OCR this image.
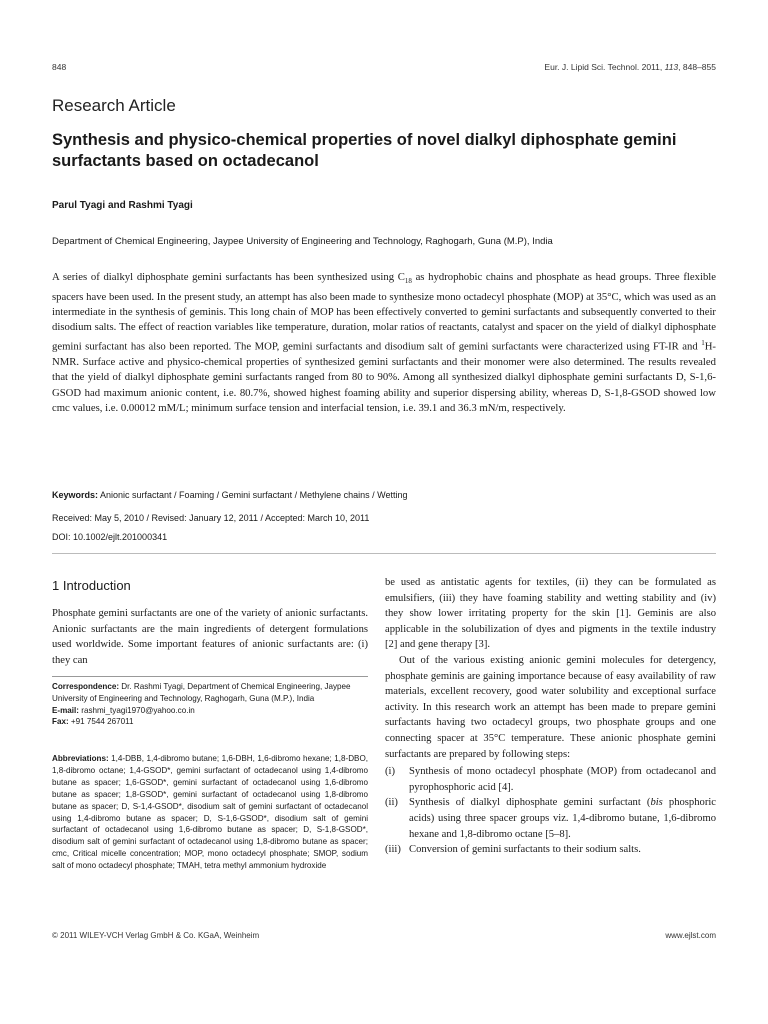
848	Eur. J. Lipid Sci. Technol. 2011, 113, 848–855
Research Article
Synthesis and physico-chemical properties of novel dialkyl diphosphate gemini surfactants based on octadecanol
Parul Tyagi and Rashmi Tyagi
Department of Chemical Engineering, Jaypee University of Engineering and Technology, Raghogarh, Guna (M.P), India
A series of dialkyl diphosphate gemini surfactants has been synthesized using $C_{18}$ as hydrophobic chains and phosphate as head groups. Three flexible spacers have been used. In the present study, an attempt has also been made to synthesize mono octadecyl phosphate (MOP) at 35°C, which was used as an intermediate in the synthesis of geminis. This long chain of MOP has been effectively converted to gemini surfactants and subsequently converted to their disodium salts. The effect of reaction variables like temperature, duration, molar ratios of reactants, catalyst and spacer on the yield of dialkyl diphosphate gemini surfactant has also been reported. The MOP, gemini surfactants and disodium salt of gemini surfactants were characterized using FT-IR and $^1$H-NMR. Surface active and physico-chemical properties of synthesized gemini surfactants and their monomer were also determined. The results revealed that the yield of dialkyl diphosphate gemini surfactants ranged from 80 to 90%. Among all synthesized dialkyl diphosphate gemini surfactants D, S-1,6-GSOD had maximum anionic content, i.e. 80.7%, showed highest foaming ability and superior dispersing ability, whereas D, S-1,8-GSOD showed low cmc values, i.e. 0.00012 mM/L; minimum surface tension and interfacial tension, i.e. 39.1 and 36.3 mN/m, respectively.
Keywords: Anionic surfactant / Foaming / Gemini surfactant / Methylene chains / Wetting
Received: May 5, 2010 / Revised: January 12, 2011 / Accepted: March 10, 2011
DOI: 10.1002/ejlt.201000341
1 Introduction
Phosphate gemini surfactants are one of the variety of anionic surfactants. Anionic surfactants are the main ingredients of detergent formulations used worldwide. Some important features of anionic surfactants are: (i) they can
Correspondence: Dr. Rashmi Tyagi, Department of Chemical Engineering, Jaypee University of Engineering and Technology, Raghogarh, Guna (M.P.), India
E-mail: rashmi_tyagi1970@yahoo.co.in
Fax: +91 7544 267011
Abbreviations: 1,4-DBB, 1,4-dibromo butane; 1,6-DBH, 1,6-dibromo hexane; 1,8-DBO, 1,8-dibromo octane; 1,4-GSOD*, gemini surfactant of octadecanol using 1,4-dibromo butane as spacer; 1,6-GSOD*, gemini surfactant of octadecanol using 1,6-dibromo butane as spacer; 1,8-GSOD*, gemini surfactant of octadecanol using 1,8-dibromo butane as spacer; D, S-1,4-GSOD*, disodium salt of gemini surfactant of octadecanol using 1,4-dibromo butane as spacer; D, S-1,6-GSOD*, disodium salt of gemini surfactant of octadecanol using 1,6-dibromo butane as spacer; D, S-1,8-GSOD*, disodium salt of gemini surfactant of octadecanol using 1,8-dibromo butane as spacer; cmc, Critical micelle concentration; MOP, mono octadecyl phosphate; SMOP, sodium salt of mono octadecyl phosphate; TMAH, tetra methyl ammonium hydroxide

be used as antistatic agents for textiles, (ii) they can be formulated as emulsifiers, (iii) they have foaming stability and wetting stability and (iv) they show lower irritating property for the skin [1]. Geminis are also applicable in the solubilization of dyes and pigments in the textile industry [2] and gene therapy [3].

Out of the various existing anionic gemini molecules for detergency, phosphate geminis are gaining importance because of easy availability of raw materials, excellent recovery, good water solubility and exceptional surface activity. In this research work an attempt has been made to prepare gemini surfactants having two octadecyl groups, two phosphate groups and one connecting spacer at 35°C temperature. These anionic phosphate gemini surfactants are prepared by following steps:

(i) Synthesis of mono octadecyl phosphate (MOP) from octadecanol and pyrophosphoric acid [4].
(ii) Synthesis of dialkyl diphosphate gemini surfactant (bis phosphoric acids) using three spacer groups viz. 1,4-dibromo butane, 1,6-dibromo hexane and 1,8-dibromo octane [5–8].
(iii) Conversion of gemini surfactants to their sodium salts.
© 2011 WILEY-VCH Verlag GmbH & Co. KGaA, Weinheim	www.ejlst.com
